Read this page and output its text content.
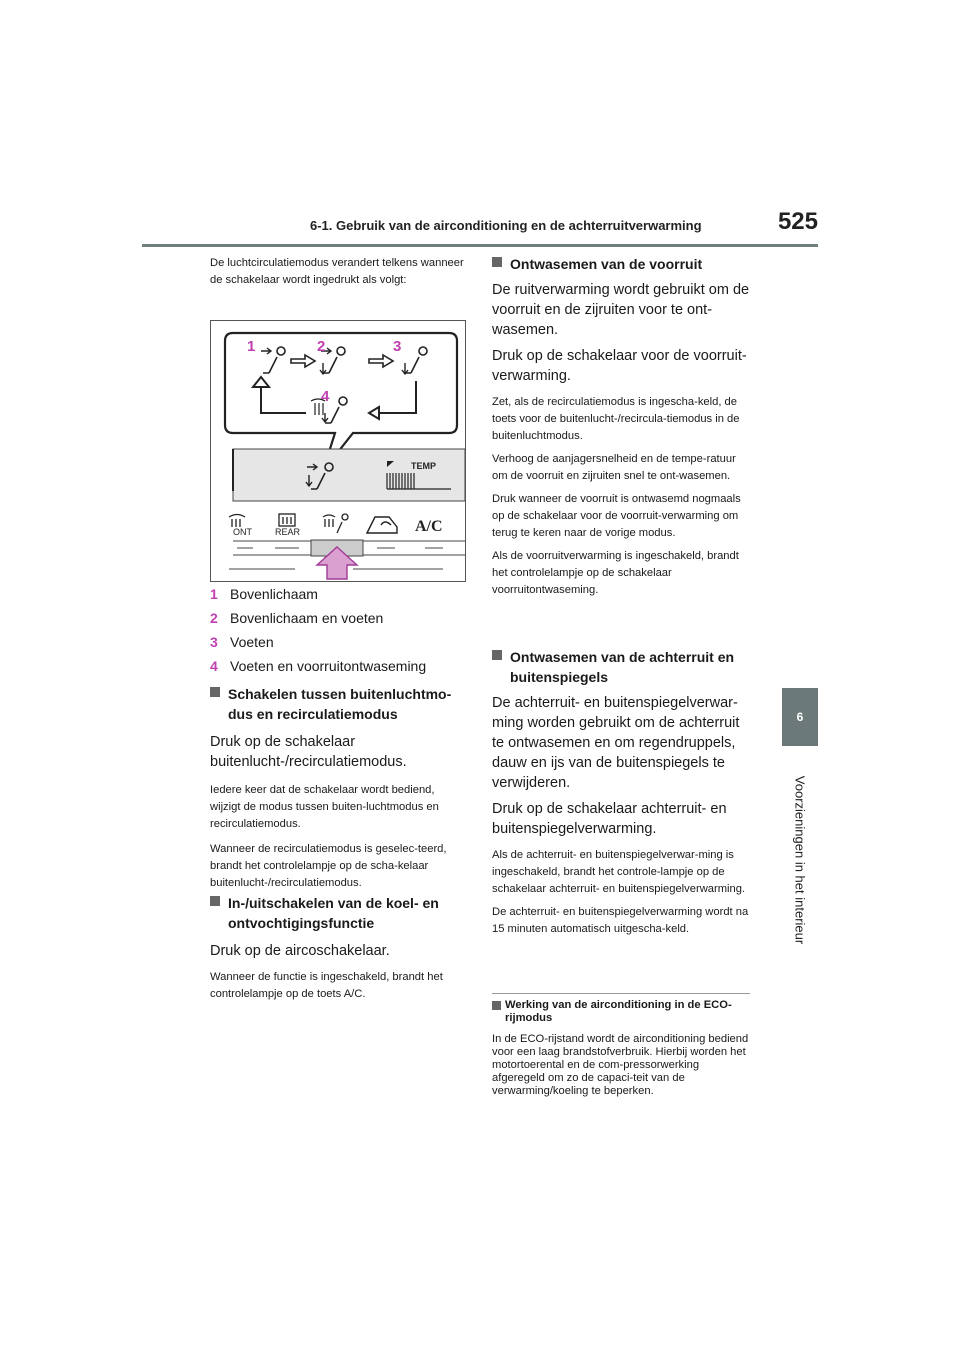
6-1. Gebruik van de airconditioning en de achterruitverwarming	525
6
Voorzieningen in het interieur

De luchtcirculatiemodus verandert telkens wanneer de schakelaar wordt ingedrukt als volgt:

1	2	3
4
TEMP
ONT	REAR	A/C
1 Bovenlichaam
2 Bovenlichaam en voeten
3 Voeten
4 Voeten en voorruitontwaseming

Schakelen tussen buitenluchtmo-dus en recirculatiemodus

Druk op de schakelaar buitenlucht-/recirculatiemodus.

Iedere keer dat de schakelaar wordt bediend, wijzigt de modus tussen buiten-luchtmodus en recirculatiemodus.

Wanneer de recirculatiemodus is geselec-teerd, brandt het controlelampje op de scha-kelaar buitenlucht-/recirculatiemodus.

In-/uitschakelen van de koel- en ontvochtigingsfunctie

Druk op de aircoschakelaar.

Wanneer de functie is ingeschakeld, brandt het controlelampje op de toets A/C.

Ontwasemen van de voorruit

De ruitverwarming wordt gebruikt om de voorruit en de zijruiten voor te ont-wasemen.

Druk op de schakelaar voor de voorruit-verwarming.

Zet, als de recirculatiemodus is ingescha-keld, de toets voor de buitenlucht-/recircula-tiemodus in de buitenluchtmodus.

Verhoog de aanjagersnelheid en de tempe-ratuur om de voorruit en zijruiten snel te ont-wasemen.

Druk wanneer de voorruit is ontwasemd nogmaals op de schakelaar voor de voorruit-verwarming om terug te keren naar de vorige modus.

Als de voorruitverwarming is ingeschakeld, brandt het controlelampje op de schakelaar voorruitontwaseming.

Ontwasemen van de achterruit en buitenspiegels

De achterruit- en buitenspiegelverwar-ming worden gebruikt om de achterruit te ontwasemen en om regendruppels, dauw en ijs van de buitenspiegels te verwijderen.

Druk op de schakelaar achterruit- en buitenspiegelverwarming.

Als de achterruit- en buitenspiegelverwar-ming is ingeschakeld, brandt het controle-lampje op de schakelaar achterruit- en buitenspiegelverwarming.

De achterruit- en buitenspiegelverwarming wordt na 15 minuten automatisch uitgescha-keld.

Werking van de airconditioning in de ECO-rijmodus
In de ECO-rijstand wordt de airconditioning bediend voor een laag brandstofverbruik. Hierbij worden het motortoerental en de com-pressorwerking afgeregeld om zo de capaci-teit van de verwarming/koeling te beperken.
